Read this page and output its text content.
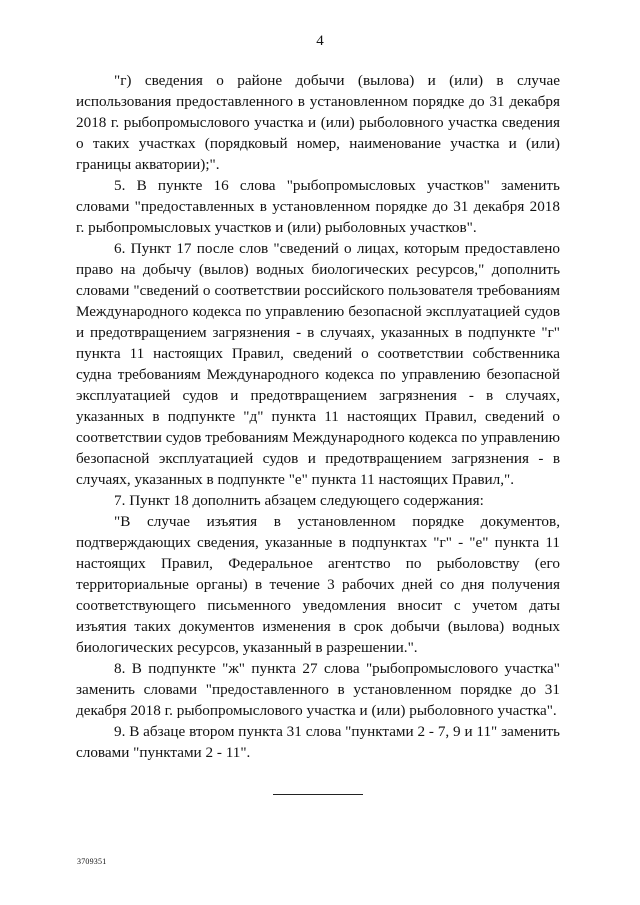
4

"г) сведения о районе добычи (вылова) и (или) в случае использования предоставленного в установленном порядке до 31 декабря 2018 г. рыбопромыслового участка и (или) рыболовного участка сведения о таких участках (порядковый номер, наименование участка и (или) границы акватории);".

5. В пункте 16 слова "рыбопромысловых участков" заменить словами "предоставленных в установленном порядке до 31 декабря 2018 г. рыбопромысловых участков и (или) рыболовных участков".

6. Пункт 17 после слов "сведений о лицах, которым предоставлено право на добычу (вылов) водных биологических ресурсов," дополнить словами "сведений о соответствии российского пользователя требованиям Международного кодекса по управлению безопасной эксплуатацией судов и предотвращением загрязнения - в случаях, указанных в подпункте "г" пункта 11 настоящих Правил, сведений о соответствии собственника судна требованиям Международного кодекса по управлению безопасной эксплуатацией судов и предотвращением загрязнения - в случаях, указанных в подпункте "д" пункта 11 настоящих Правил, сведений о соответствии судов требованиям Международного кодекса по управлению безопасной эксплуатацией судов и предотвращением загрязнения - в случаях, указанных в подпункте "е" пункта 11 настоящих Правил,".

7. Пункт 18 дополнить абзацем следующего содержания:

"В случае изъятия в установленном порядке документов, подтверждающих сведения, указанные в подпунктах "г" - "е" пункта 11 настоящих Правил, Федеральное агентство по рыболовству (его территориальные органы) в течение 3 рабочих дней со дня получения соответствующего письменного уведомления вносит с учетом даты изъятия таких документов изменения в срок добычи (вылова) водных биологических ресурсов, указанный в разрешении.".

8. В подпункте "ж" пункта 27 слова "рыбопромыслового участка" заменить словами "предоставленного в установленном порядке до 31 декабря 2018 г. рыбопромыслового участка и (или) рыболовного участка".

9. В абзаце втором пункта 31 слова "пунктами 2 - 7, 9 и 11" заменить словами "пунктами 2 - 11".

3709351
